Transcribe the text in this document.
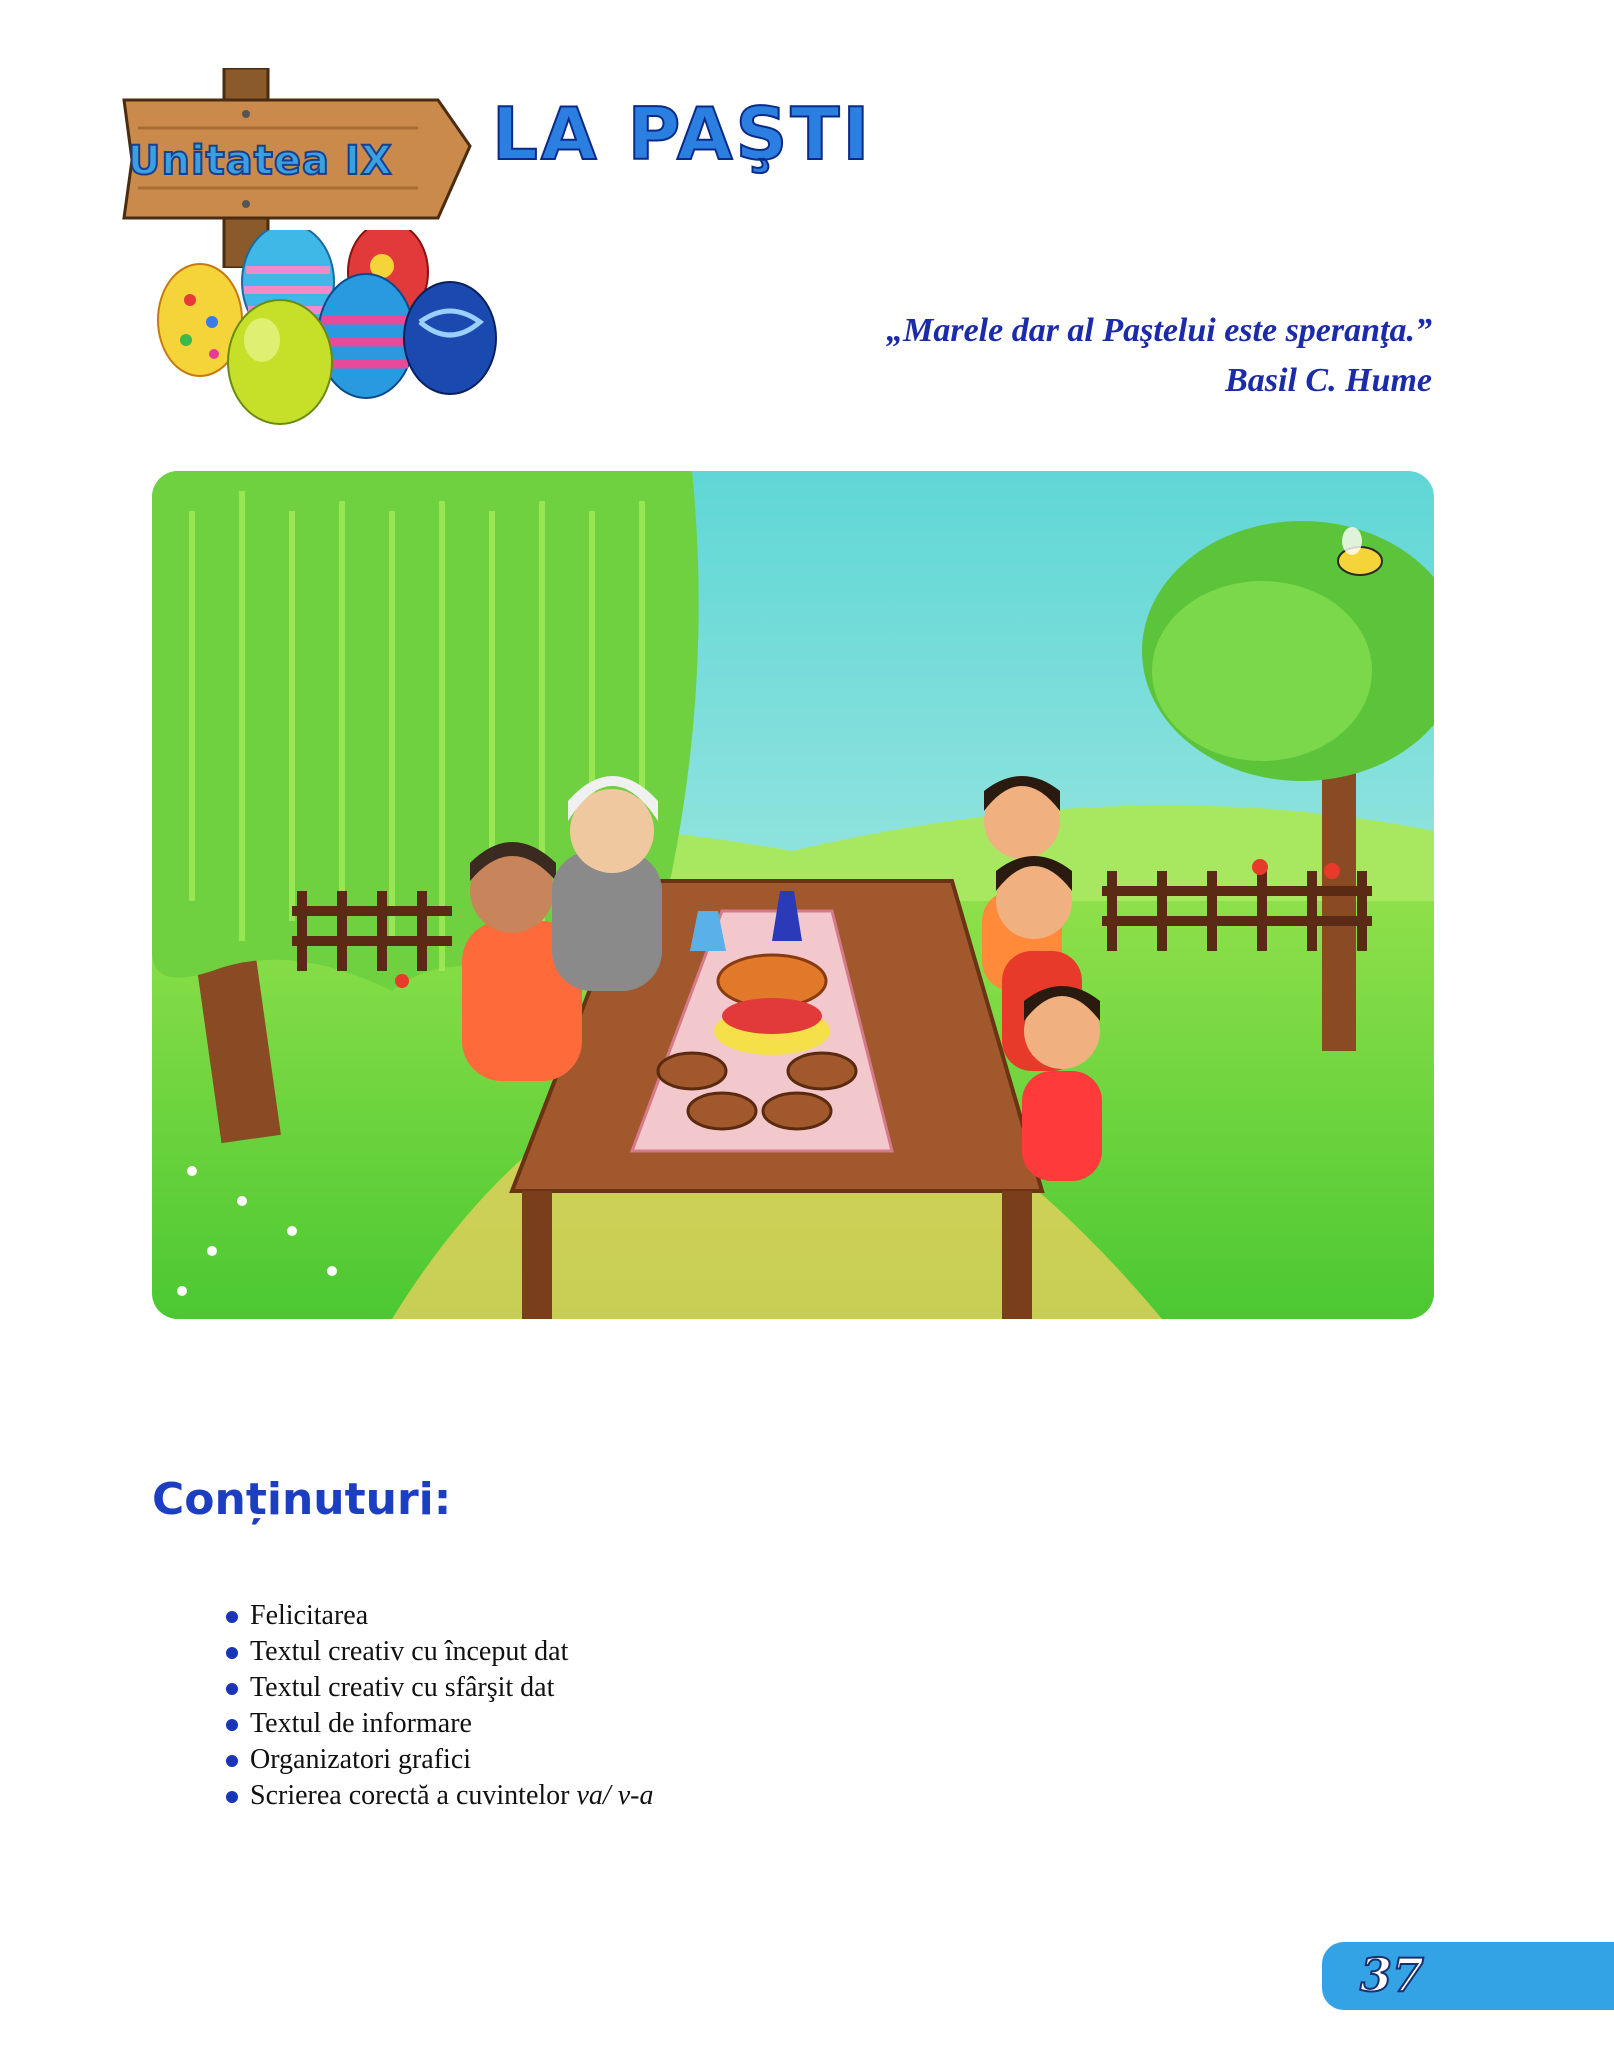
Unitatea IX LA PAŞTI
„Marele dar al Paştelui este speranţa.”
Basil C. Hume
Conținuturi:
Felicitarea
Textul creativ cu început dat
Textul creativ cu sfârşit dat
Textul de informare
Organizatori grafici
Scrierea corectă a cuvintelor va/ v-a
37
